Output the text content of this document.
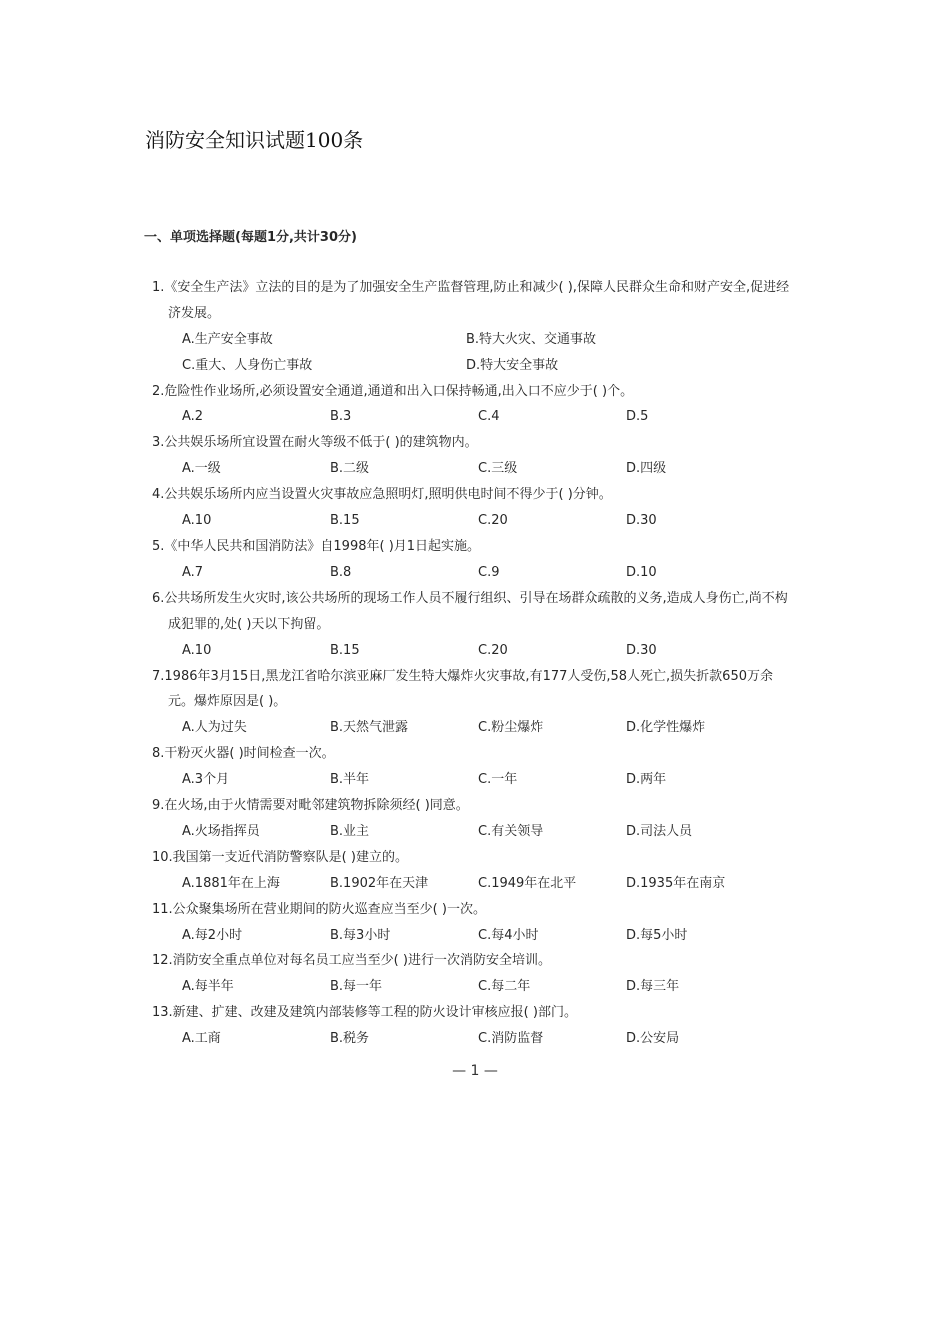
消防安全知识试题100条
一、单项选择题(每题1分,共计30分)
1.《安全生产法》立法的目的是为了加强安全生产监督管理,防止和减少( ),保障人民群众生命和财产安全,促进经济发展。
A.生产安全事故	B.特大火灾、交通事故
C.重大、人身伤亡事故	D.特大安全事故
2.危险性作业场所,必须设置安全通道,通道和出入口保持畅通,出入口不应少于( )个。
A.2	B.3	C.4	D.5
3.公共娱乐场所宜设置在耐火等级不低于( )的建筑物内。
A.一级	B.二级	C.三级	D.四级
4.公共娱乐场所内应当设置火灾事故应急照明灯,照明供电时间不得少于( )分钟。
A.10	B.15	C.20	D.30
5.《中华人民共和国消防法》自1998年( )月1日起实施。
A.7	B.8	C.9	D.10
6.公共场所发生火灾时,该公共场所的现场工作人员不履行组织、引导在场群众疏散的义务,造成人身伤亡,尚不构成犯罪的,处( )天以下拘留。
A.10	B.15	C.20	D.30
7.1986年3月15日,黑龙江省哈尔滨亚麻厂发生特大爆炸火灾事故,有177人受伤,58人死亡,损失折款650万余元。爆炸原因是( )。
A.人为过失	B.天然气泄露	C.粉尘爆炸	D.化学性爆炸
8.干粉灭火器( )时间检查一次。
A.3个月	B.半年	C.一年	D.两年
9.在火场,由于火情需要对毗邻建筑物拆除须经( )同意。
A.火场指挥员	B.业主	C.有关领导	D.司法人员
10.我国第一支近代消防警察队是( )建立的。
A.1881年在上海	B.1902年在天津	C.1949年在北平	D.1935年在南京
11.公众聚集场所在营业期间的防火巡查应当至少( )一次。
A.每2小时	B.每3小时	C.每4小时	D.每5小时
12.消防安全重点单位对每名员工应当至少( )进行一次消防安全培训。
A.每半年	B.每一年	C.每二年	D.每三年
13.新建、扩建、改建及建筑内部装修等工程的防火设计审核应报( )部门。
A.工商	B.税务	C.消防监督	D.公安局
— 1 —
